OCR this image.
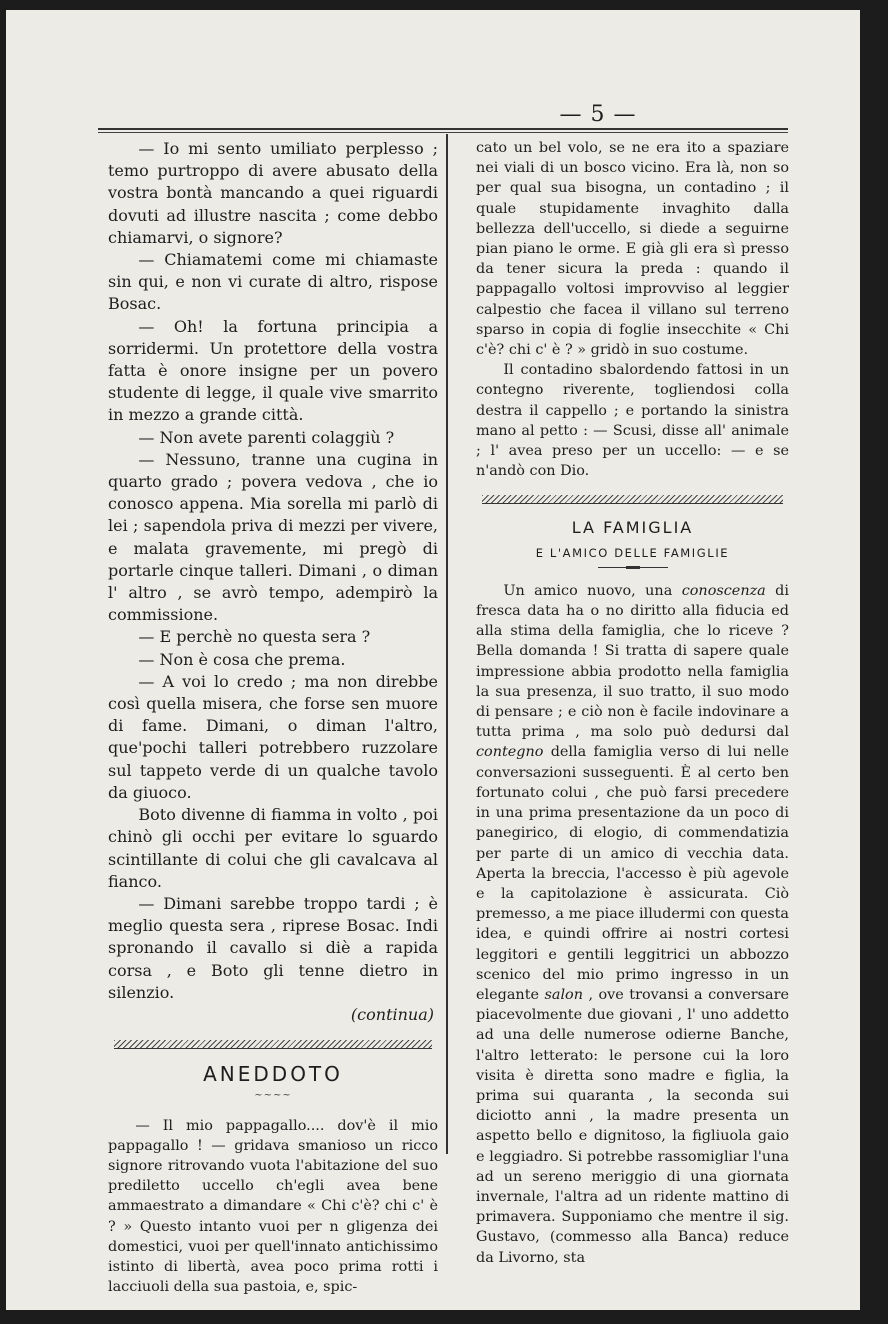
— 5 —

— Io mi sento umiliato perplesso ; temo purtroppo di avere abusato della vostra bontà mancando a quei riguardi dovuti ad illustre nascita ; come debbo chiamarvi, o signore?

— Chiamatemi come mi chiamaste sin qui, e non vi curate di altro, rispose Bosac.

— Oh! la fortuna principia a sorridermi. Un protettore della vostra fatta è onore insigne per un povero studente di legge, il quale vive smarrito in mezzo a grande città.

— Non avete parenti colaggiù ?

— Nessuno, tranne una cugina in quarto grado ; povera vedova , che io conosco appena. Mia sorella mi parlò di lei ; sapendola priva di mezzi per vivere, e malata gravemente, mi pregò di portarle cinque talleri. Dimani , o diman l' altro , se avrò tempo, adempirò la commissione.

— E perchè no questa sera ?

— Non è cosa che prema.

— A voi lo credo ; ma non direbbe così quella misera, che forse sen muore di fame. Dimani, o diman l'altro, que'pochi talleri potrebbero ruzzolare sul tappeto verde di un qualche tavolo da giuoco.

Boto divenne di fiamma in volto , poi chinò gli occhi per evitare lo sguardo scintillante di colui che gli cavalcava al fianco.

— Dimani sarebbe troppo tardi ; è meglio questa sera , riprese Bosac. Indi spronando il cavallo si diè a rapida corsa , e Boto gli tenne dietro in silenzio.

(continua)

ANEDDOTO

~~~~

— Il mio pappagallo.... dov'è il mio pappagallo ! — gridava smanioso un ricco signore ritrovando vuota l'abitazione del suo prediletto uccello ch'egli avea bene ammaestrato a dimandare « Chi c'è? chi c' è ? » Questo intanto vuoi per n gligenza dei domestici, vuoi per quell'innato antichissimo istinto di libertà, avea poco prima rotti i lacciuoli della sua pastoia, e, spic-

cato un bel volo, se ne era ito a spaziare nei viali di un bosco vicino. Era là, non so per qual sua bisogna, un contadino ; il quale stupidamente invaghito dalla bellezza dell'uccello, si diede a seguirne pian piano le orme. E già gli era sì presso da tener sicura la preda : quando il pappagallo voltosi improvviso al leggier calpestio che facea il villano sul terreno sparso in copia di foglie insecchite « Chi c'è? chi c' è ? » gridò in suo costume.

Il contadino sbalordendo fattosi in un contegno riverente, togliendosi colla destra il cappello ; e portando la sinistra mano al petto : — Scusi, disse all' animale ; l' avea preso per un uccello: — e se n'andò con Dio.

LA FAMIGLIA

E L'AMICO DELLE FAMIGLIE

Un amico nuovo, una conoscenza di fresca data ha o no diritto alla fiducia ed alla stima della famiglia, che lo riceve ? Bella domanda ! Si tratta di sapere quale impressione abbia prodotto nella famiglia la sua presenza, il suo tratto, il suo modo di pensare ; e ciò non è facile indovinare a tutta prima , ma solo può dedursi dal contegno della famiglia verso di lui nelle conversazioni susseguenti. È al certo ben fortunato colui , che può farsi precedere in una prima presentazione da un poco di panegirico, di elogio, di commendatizia per parte di un amico di vecchia data. Aperta la breccia, l'accesso è più agevole e la capitolazione è assicurata. Ciò premesso, a me piace illudermi con questa idea, e quindi offrire ai nostri cortesi leggitori e gentili leggitrici un abbozzo scenico del mio primo ingresso in un elegante salon , ove trovansi a conversare piacevolmente due giovani , l' uno addetto ad una delle numerose odierne Banche, l'altro letterato: le persone cui la loro visita è diretta sono madre e figlia, la prima sui quaranta , la seconda sui diciotto anni , la madre presenta un aspetto bello e dignitoso, la figliuola gaio e leggiadro. Si potrebbe rassomigliar l'una ad un sereno meriggio di una giornata invernale, l'altra ad un ridente mattino di primavera. Supponiamo che mentre il sig. Gustavo, (commesso alla Banca) reduce da Livorno, sta
